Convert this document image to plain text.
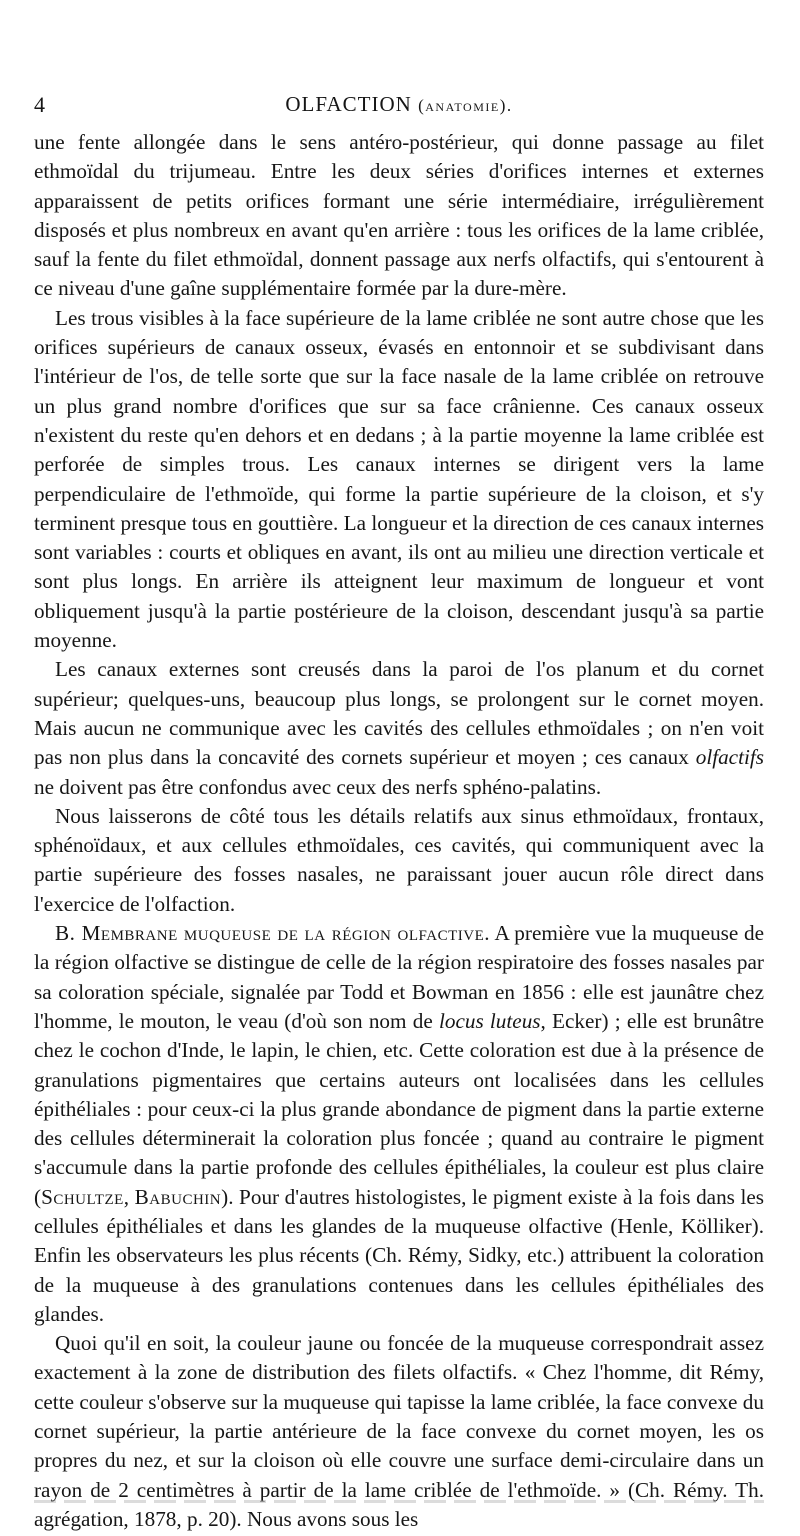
4	OLFACTION (anatomie).

une fente allongée dans le sens antéro-postérieur, qui donne passage au filet ethmoïdal du trijumeau. Entre les deux séries d'orifices internes et externes apparaissent de petits orifices formant une série intermédiaire, irrégulièrement disposés et plus nombreux en avant qu'en arrière : tous les orifices de la lame criblée, sauf la fente du filet ethmoïdal, donnent passage aux nerfs olfactifs, qui s'entourent à ce niveau d'une gaîne supplémentaire formée par la dure-mère.

Les trous visibles à la face supérieure de la lame criblée ne sont autre chose que les orifices supérieurs de canaux osseux, évasés en entonnoir et se subdivisant dans l'intérieur de l'os, de telle sorte que sur la face nasale de la lame criblée on retrouve un plus grand nombre d'orifices que sur sa face crânienne. Ces canaux osseux n'existent du reste qu'en dehors et en dedans ; à la partie moyenne la lame criblée est perforée de simples trous. Les canaux internes se dirigent vers la lame perpendiculaire de l'ethmoïde, qui forme la partie supérieure de la cloison, et s'y terminent presque tous en gouttière. La longueur et la direction de ces canaux internes sont variables : courts et obliques en avant, ils ont au milieu une direction verticale et sont plus longs. En arrière ils atteignent leur maximum de longueur et vont obliquement jusqu'à la partie postérieure de la cloison, descendant jusqu'à sa partie moyenne.

Les canaux externes sont creusés dans la paroi de l'os planum et du cornet supérieur; quelques-uns, beaucoup plus longs, se prolongent sur le cornet moyen. Mais aucun ne communique avec les cavités des cellules ethmoïdales ; on n'en voit pas non plus dans la concavité des cornets supérieur et moyen ; ces canaux olfactifs ne doivent pas être confondus avec ceux des nerfs sphéno-palatins.

Nous laisserons de côté tous les détails relatifs aux sinus ethmoïdaux, frontaux, sphénoïdaux, et aux cellules ethmoïdales, ces cavités, qui communiquent avec la partie supérieure des fosses nasales, ne paraissant jouer aucun rôle direct dans l'exercice de l'olfaction.

B. Membrane muqueuse de la région olfactive. A première vue la muqueuse de la région olfactive se distingue de celle de la région respiratoire des fosses nasales par sa coloration spéciale, signalée par Todd et Bowman en 1856 : elle est jaunâtre chez l'homme, le mouton, le veau (d'où son nom de locus luteus, Ecker) ; elle est brunâtre chez le cochon d'Inde, le lapin, le chien, etc. Cette coloration est due à la présence de granulations pigmentaires que certains auteurs ont localisées dans les cellules épithéliales : pour ceux-ci la plus grande abondance de pigment dans la partie externe des cellules déterminerait la coloration plus foncée ; quand au contraire le pigment s'accumule dans la partie profonde des cellules épithéliales, la couleur est plus claire (Schultze, Babuchin). Pour d'autres histologistes, le pigment existe à la fois dans les cellules épithéliales et dans les glandes de la muqueuse olfactive (Henle, Kölliker). Enfin les observateurs les plus récents (Ch. Rémy, Sidky, etc.) attribuent la coloration de la muqueuse à des granulations contenues dans les cellules épithéliales des glandes.

Quoi qu'il en soit, la couleur jaune ou foncée de la muqueuse correspondrait assez exactement à la zone de distribution des filets olfactifs. « Chez l'homme, dit Rémy, cette couleur s'observe sur la muqueuse qui tapisse la lame criblée, la face convexe du cornet supérieur, la partie antérieure de la face convexe du cornet moyen, les os propres du nez, et sur la cloison où elle couvre une surface demi-circulaire dans un rayon de 2 centimètres à partir de la lame criblée de l'ethmoïde. » (Ch. Rémy. Th. agrégation, 1878, p. 20). Nous avons sous les
